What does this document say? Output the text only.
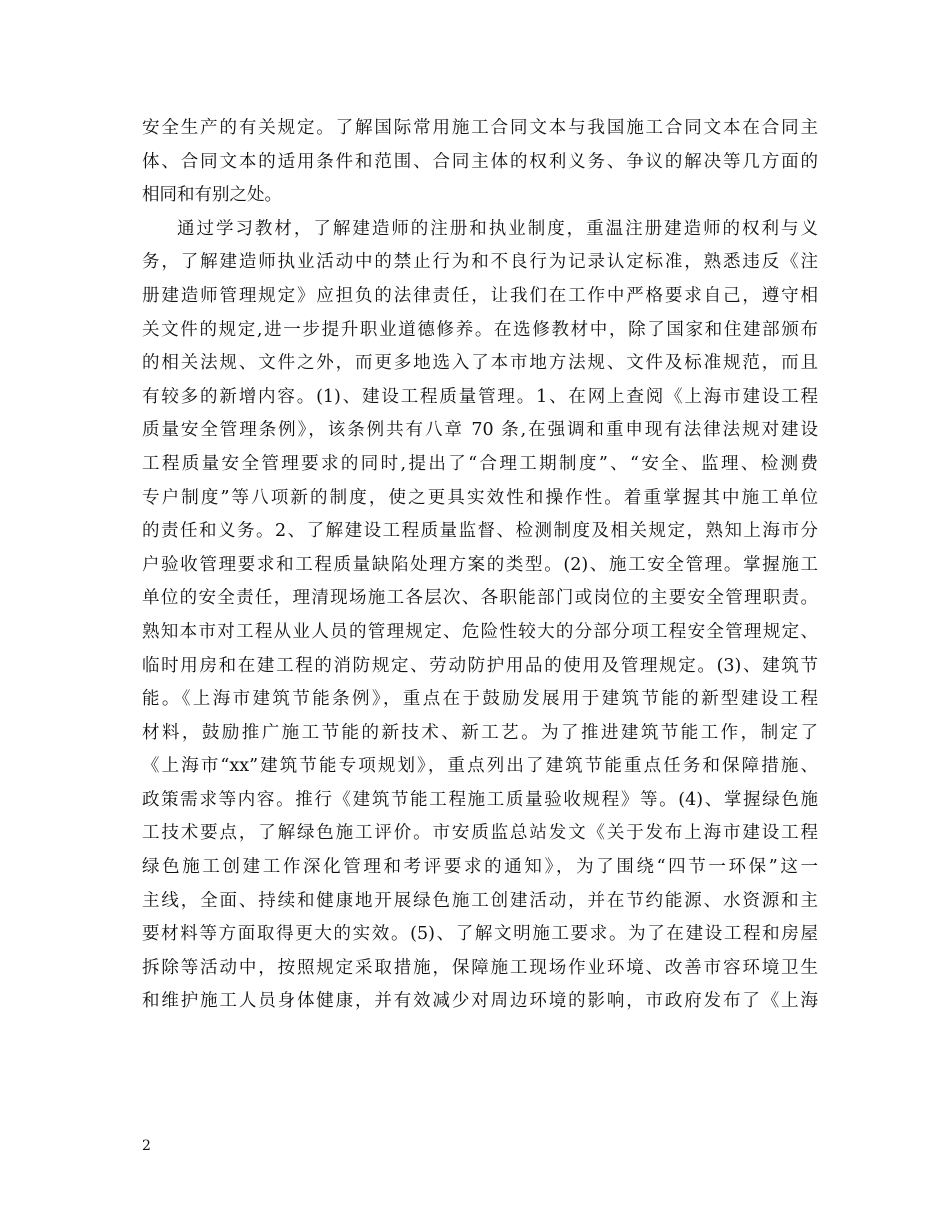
安全生产的有关规定。了解国际常用施工合同文本与我国施工合同文本在合同主
体、合同文本的适用条件和范围、合同主体的权利义务、争议的解决等几方面的
相同和有别之处。
通过学习教材，了解建造师的注册和执业制度，重温注册建造师的权利与义
务，了解建造师执业活动中的禁止行为和不良行为记录认定标准，熟悉违反《注
册建造师管理规定》应担负的法律责任，让我们在工作中严格要求自己，遵守相
关文件的规定,进一步提升职业道德修养。在选修教材中，除了国家和住建部颁布
的相关法规、文件之外，而更多地选入了本市地方法规、文件及标准规范，而且
有较多的新增内容。(1)、建设工程质量管理。1、在网上查阅《上海市建设工程
质量安全管理条例》，该条例共有八章 70 条,在强调和重申现有法律法规对建设
工程质量安全管理要求的同时,提出了“合理工期制度”、“安全、监理、检测费
专户制度”等八项新的制度，使之更具实效性和操作性。着重掌握其中施工单位
的责任和义务。2、了解建设工程质量监督、检测制度及相关规定，熟知上海市分
户验收管理要求和工程质量缺陷处理方案的类型。(2)、施工安全管理。掌握施工
单位的安全责任，理清现场施工各层次、各职能部门或岗位的主要安全管理职责。
熟知本市对工程从业人员的管理规定、危险性较大的分部分项工程安全管理规定、
临时用房和在建工程的消防规定、劳动防护用品的使用及管理规定。(3)、建筑节
能。《上海市建筑节能条例》，重点在于鼓励发展用于建筑节能的新型建设工程
材料，鼓励推广施工节能的新技术、新工艺。为了推进建筑节能工作，制定了
《上海市“xx”建筑节能专项规划》，重点列出了建筑节能重点任务和保障措施、
政策需求等内容。推行《建筑节能工程施工质量验收规程》等。(4)、掌握绿色施
工技术要点，了解绿色施工评价。市安质监总站发文《关于发布上海市建设工程
绿色施工创建工作深化管理和考评要求的通知》，为了围绕“四节一环保”这一
主线，全面、持续和健康地开展绿色施工创建活动，并在节约能源、水资源和主
要材料等方面取得更大的实效。(5)、了解文明施工要求。为了在建设工程和房屋
拆除等活动中，按照规定采取措施，保障施工现场作业环境、改善市容环境卫生
和维护施工人员身体健康，并有效减少对周边环境的影响，市政府发布了《上海
2
